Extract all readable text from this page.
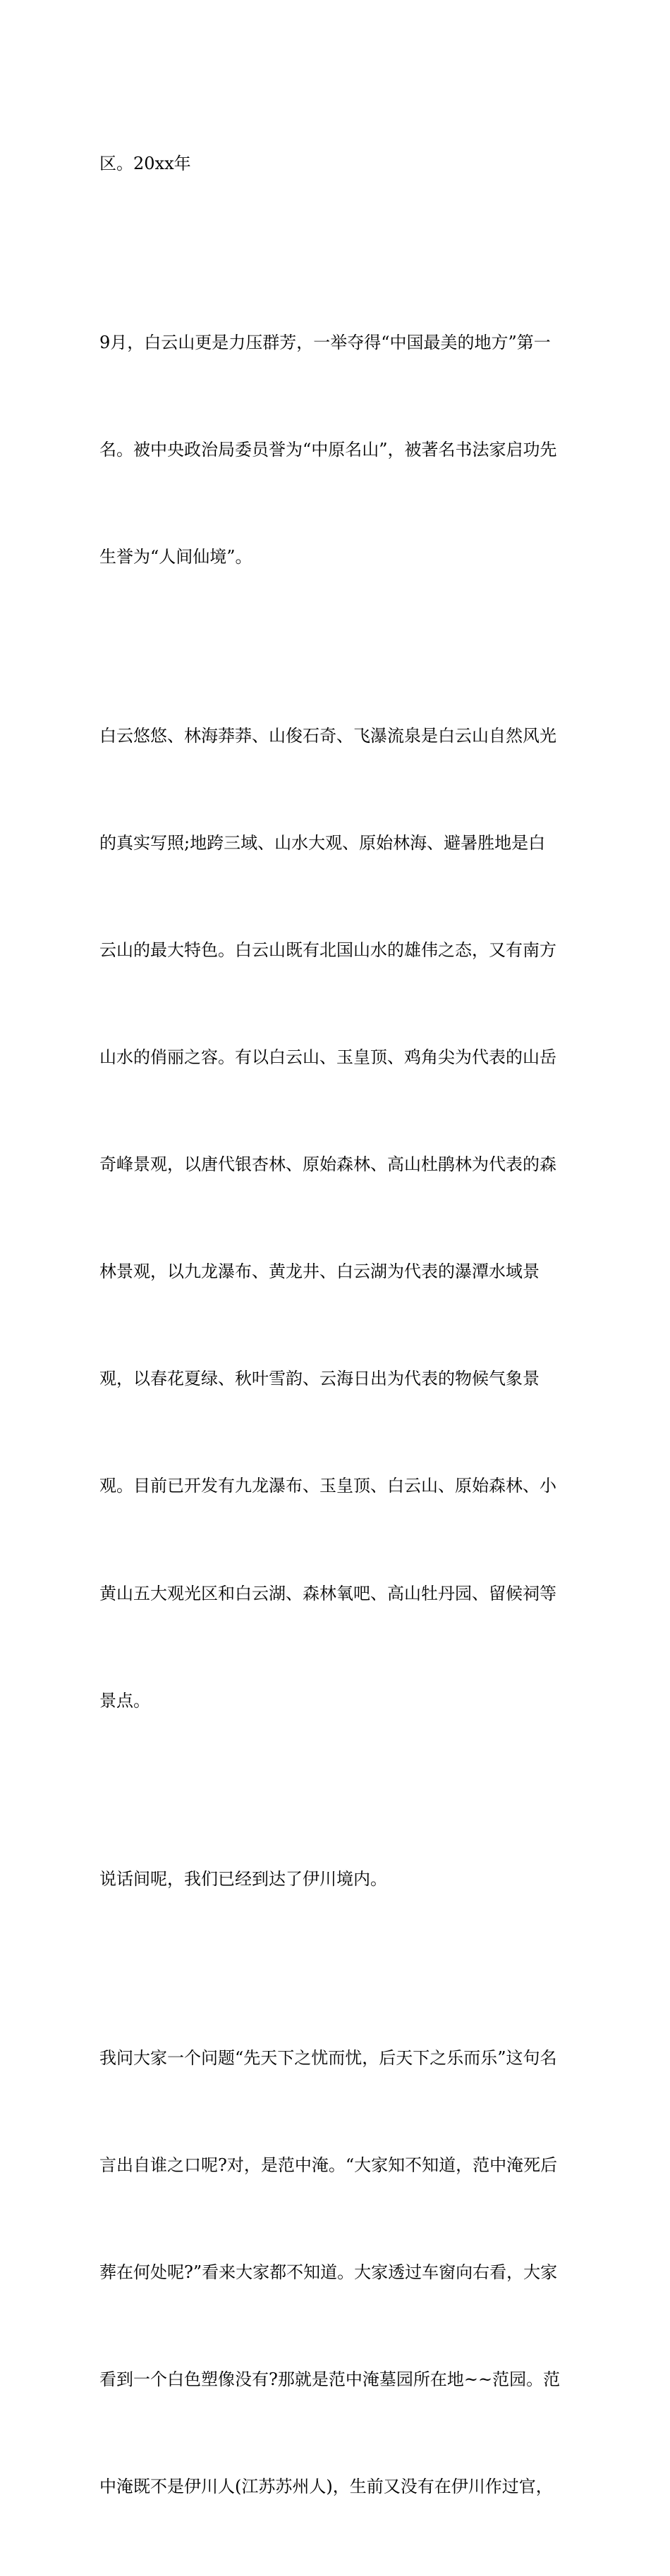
区。20xx年

9月，白云山更是力压群芳，一举夺得“中国最美的地方”第一

名。被中央政治局委员誉为“中原名山”，被著名书法家启功先

生誉为“人间仙境”。

白云悠悠、林海莽莽、山俊石奇、飞瀑流泉是白云山自然风光

的真实写照;地跨三域、山水大观、原始林海、避暑胜地是白

云山的最大特色。白云山既有北国山水的雄伟之态，又有南方

山水的俏丽之容。有以白云山、玉皇顶、鸡角尖为代表的山岳

奇峰景观，以唐代银杏林、原始森林、高山杜鹃林为代表的森

林景观，以九龙瀑布、黄龙井、白云湖为代表的瀑潭水域景

观，以春花夏绿、秋叶雪韵、云海日出为代表的物候气象景

观。目前已开发有九龙瀑布、玉皇顶、白云山、原始森林、小

黄山五大观光区和白云湖、森林氧吧、高山牡丹园、留候祠等

景点。

说话间呢，我们已经到达了伊川境内。

我问大家一个问题“先天下之忧而忧，后天下之乐而乐”这句名

言出自谁之口呢?对，是范中淹。“大家知不知道，范中淹死后

葬在何处呢?”看来大家都不知道。大家透过车窗向右看，大家

看到一个白色塑像没有?那就是范中淹墓园所在地~~范园。范

中淹既不是伊川人(江苏苏州人)，生前又没有在伊川作过官，
